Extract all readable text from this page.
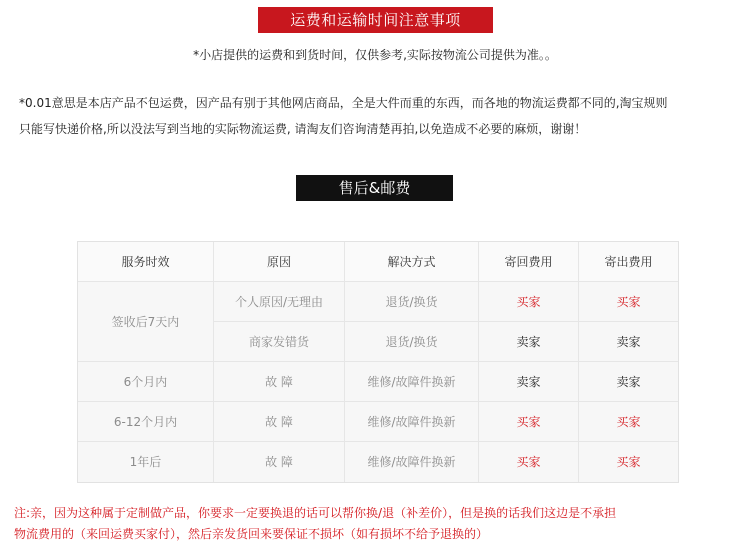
运费和运输时间注意事项
*小店提供的运费和到货时间，仅供参考,实际按物流公司提供为准。。
*0.01意思是本店产品不包运费，因产品有别于其他网店商品，全是大件而重的东西，而各地的物流运费都不同的,淘宝规则
只能写快递价格,所以没法写到当地的实际物流运费, 请淘友们咨询清楚再拍,以免造成不必要的麻烦，谢谢！
售后&邮费
服务时效	原因	解决方式	寄回费用	寄出费用
签收后7天内
个人原因/无理由	退货/换货	买家	买家
商家发错货	退货/换货	卖家	卖家
6个月内	故 障	维修/故障件换新	卖家	卖家
6-12个月内	故 障	维修/故障件换新	买家	买家
1年后	故 障	维修/故障件换新	买家	买家
注:亲，因为这种属于定制做产品，你要求一定要换退的话可以帮你换/退（补差价），但是换的话我们这边是不承担
物流费用的（来回运费买家付），然后亲发货回来要保证不损坏（如有损坏不给予退换的）
